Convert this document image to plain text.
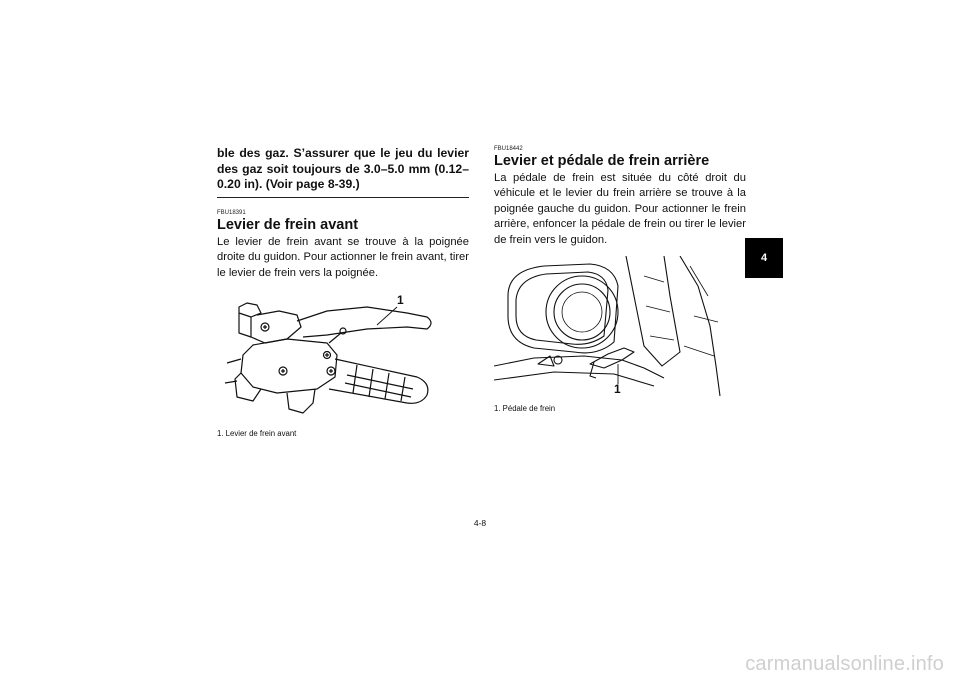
ble des gaz. S’assurer que le jeu du levier des gaz soit toujours de 3.0–5.0 mm (0.12–0.20 in). (Voir page 8-39.)
FBU18391
Levier de frein avant
Le levier de frein avant se trouve à la poignée droite du guidon. Pour actionner le frein avant, tirer le levier de frein vers la poignée.
1
1. Levier de frein avant
FBU18442
Levier et pédale de frein arrière
La pédale de frein est située du côté droit du véhicule et le levier du frein arrière se trouve à la poignée gauche du guidon. Pour actionner le frein arrière, enfoncer la pédale de frein ou tirer le levier de frein vers le guidon.
1
1. Pédale de frein
4-8
4
carmanualsonline.info
